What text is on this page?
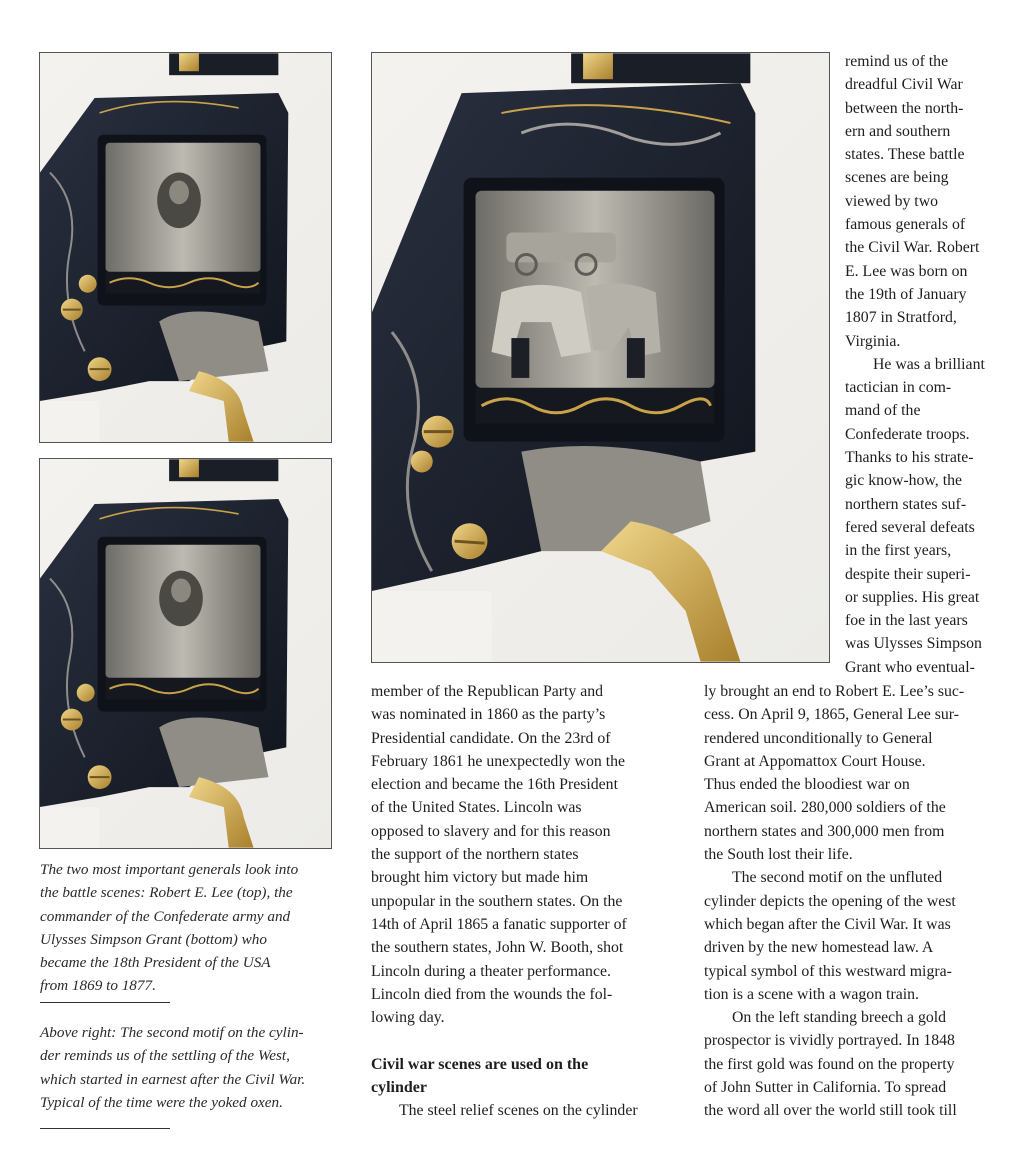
The two most important generals look into
the battle scenes: Robert E. Lee (top), the
commander of the Confederate army and
Ulysses Simpson Grant (bottom) who
became the 18th President of the USA
from 1869 to 1877.
Above right: The second motif on the cylin-
der reminds us of the settling of the West,
which started in earnest after the Civil War.
Typical of the time were the yoked oxen.
remind us of the
dreadful Civil War
between the north-
ern and southern
states. These battle
scenes are being
viewed by two
famous generals of
the Civil War. Robert
E. Lee was born on
the 19th of January
1807 in Stratford,
Virginia.
He was a brilliant
tactician in com-
mand of the
Confederate troops.
Thanks to his strate-
gic know-how, the
northern states suf-
fered several defeats
in the first years,
despite their superi-
or supplies. His great
foe in the last years
was Ulysses Simpson
Grant who eventual-
member of the Republican Party and
was nominated in 1860 as the party’s
Presidential candidate. On the 23rd of
February 1861 he unexpectedly won the
election and became the 16th President
of the United States. Lincoln was
opposed to slavery and for this reason
the support of the northern states
brought him victory but made him
unpopular in the southern states. On the
14th of April 1865 a fanatic supporter of
the southern states, John W. Booth, shot
Lincoln during a theater performance.
Lincoln died from the wounds the fol-
lowing day.
Civil war scenes are used on the
cylinder
The steel relief scenes on the cylinder
ly brought an end to Robert E. Lee’s suc-
cess. On April 9, 1865, General Lee sur-
rendered unconditionally to General
Grant at Appomattox Court House.
Thus ended the bloodiest war on
American soil. 280,000 soldiers of the
northern states and 300,000 men from
the South lost their life.
The second motif on the unfluted
cylinder depicts the opening of the west
which began after the Civil War. It was
driven by the new homestead law. A
typical symbol of this westward migra-
tion is a scene with a wagon train.
On the left standing breech a gold
prospector is vividly portrayed. In 1848
the first gold was found on the property
of John Sutter in California. To spread
the word all over the world still took till
